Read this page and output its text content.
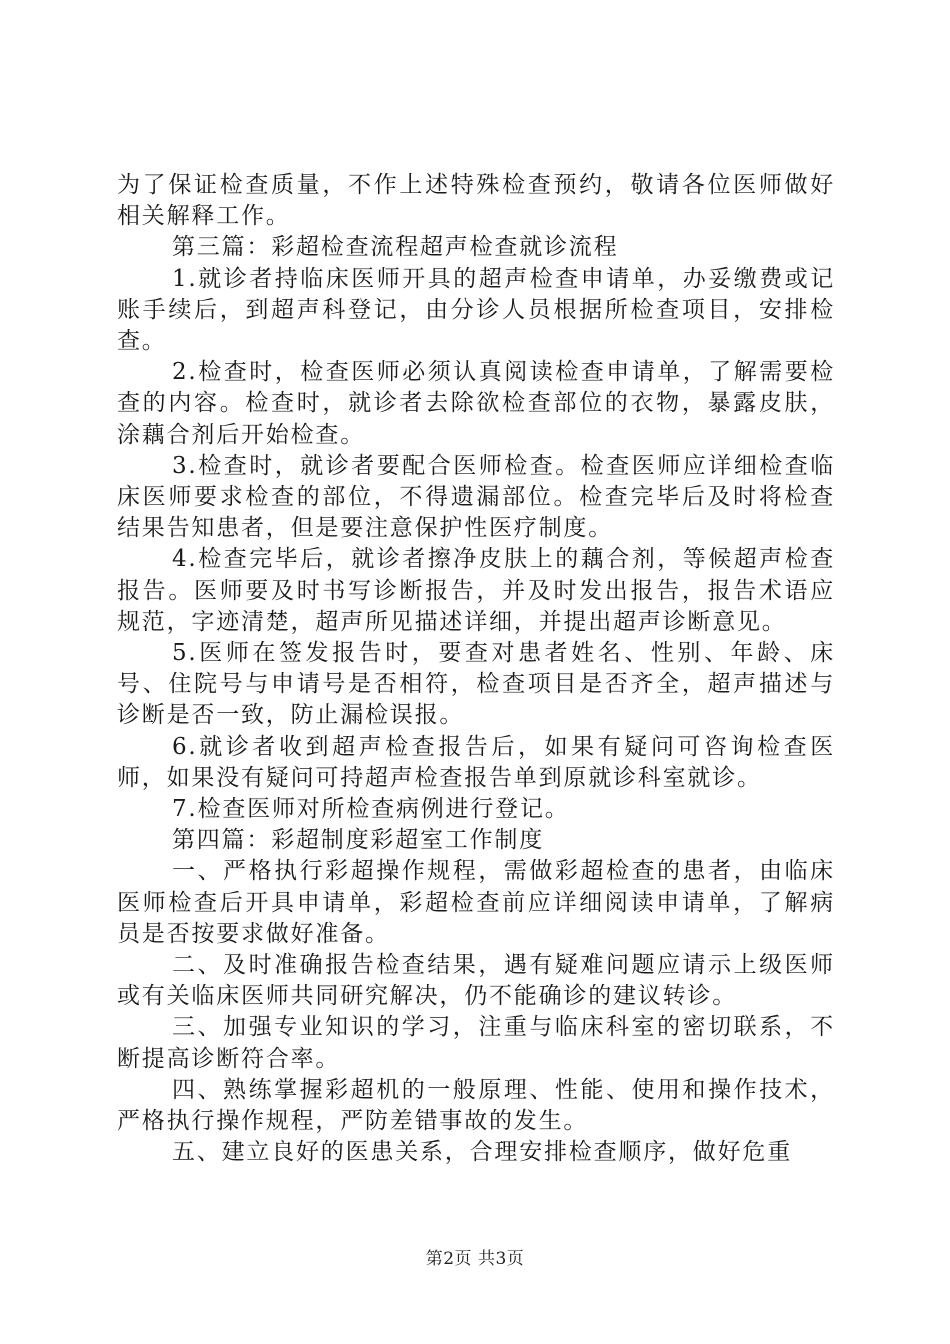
为了保证检查质量，不作上述特殊检查预约，敬请各位医师做好相关解释工作。

第三篇：彩超检查流程超声检查就诊流程

1.就诊者持临床医师开具的超声检查申请单，办妥缴费或记账手续后，到超声科登记，由分诊人员根据所检查项目，安排检查。

2.检查时，检查医师必须认真阅读检查申请单，了解需要检查的内容。检查时，就诊者去除欲检查部位的衣物，暴露皮肤，涂藕合剂后开始检查。

3.检查时，就诊者要配合医师检查。检查医师应详细检查临床医师要求检查的部位，不得遗漏部位。检查完毕后及时将检查结果告知患者，但是要注意保护性医疗制度。

4.检查完毕后，就诊者擦净皮肤上的藕合剂，等候超声检查报告。医师要及时书写诊断报告，并及时发出报告，报告术语应规范，字迹清楚，超声所见描述详细，并提出超声诊断意见。

5.医师在签发报告时，要查对患者姓名、性别、年龄、床号、住院号与申请号是否相符，检查项目是否齐全，超声描述与诊断是否一致，防止漏检误报。

6.就诊者收到超声检查报告后，如果有疑问可咨询检查医师，如果没有疑问可持超声检查报告单到原就诊科室就诊。

7.检查医师对所检查病例进行登记。

第四篇：彩超制度彩超室工作制度

一、严格执行彩超操作规程，需做彩超检查的患者，由临床医师检查后开具申请单，彩超检查前应详细阅读申请单，了解病员是否按要求做好准备。

二、及时准确报告检查结果，遇有疑难问题应请示上级医师或有关临床医师共同研究解决，仍不能确诊的建议转诊。

三、加强专业知识的学习，注重与临床科室的密切联系，不断提高诊断符合率。

四、熟练掌握彩超机的一般原理、性能、使用和操作技术，严格执行操作规程，严防差错事故的发生。

五、建立良好的医患关系，合理安排检查顺序，做好危重

第2页 共3页
